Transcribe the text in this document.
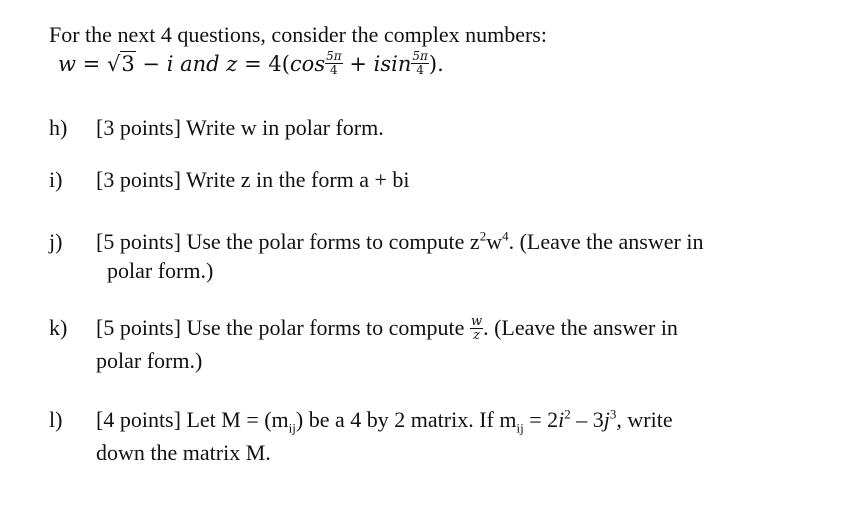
For the next 4 questions, consider the complex numbers:
w = √3 − i and $z = 4(\cos \frac{5\pi}{4} + isin \frac{5\pi}{4}$ ).
h) [3 points] Write w in polar form.
i) [3 points] Write z in the form a + bi
j) [5 points] Use the polar forms to compute $z^2w^4$. (Leave the answer in
polar form.)
k) [5 points] Use the polar forms to compute $\frac{w}{z}$ . (Leave the answer in
polar form.)
l) [4 points] Let $M = (m_{ij})$ be a 4 by 2 matrix. If $m_{ij} = 2i^2 - 3j^3$, write
down the matrix M.
